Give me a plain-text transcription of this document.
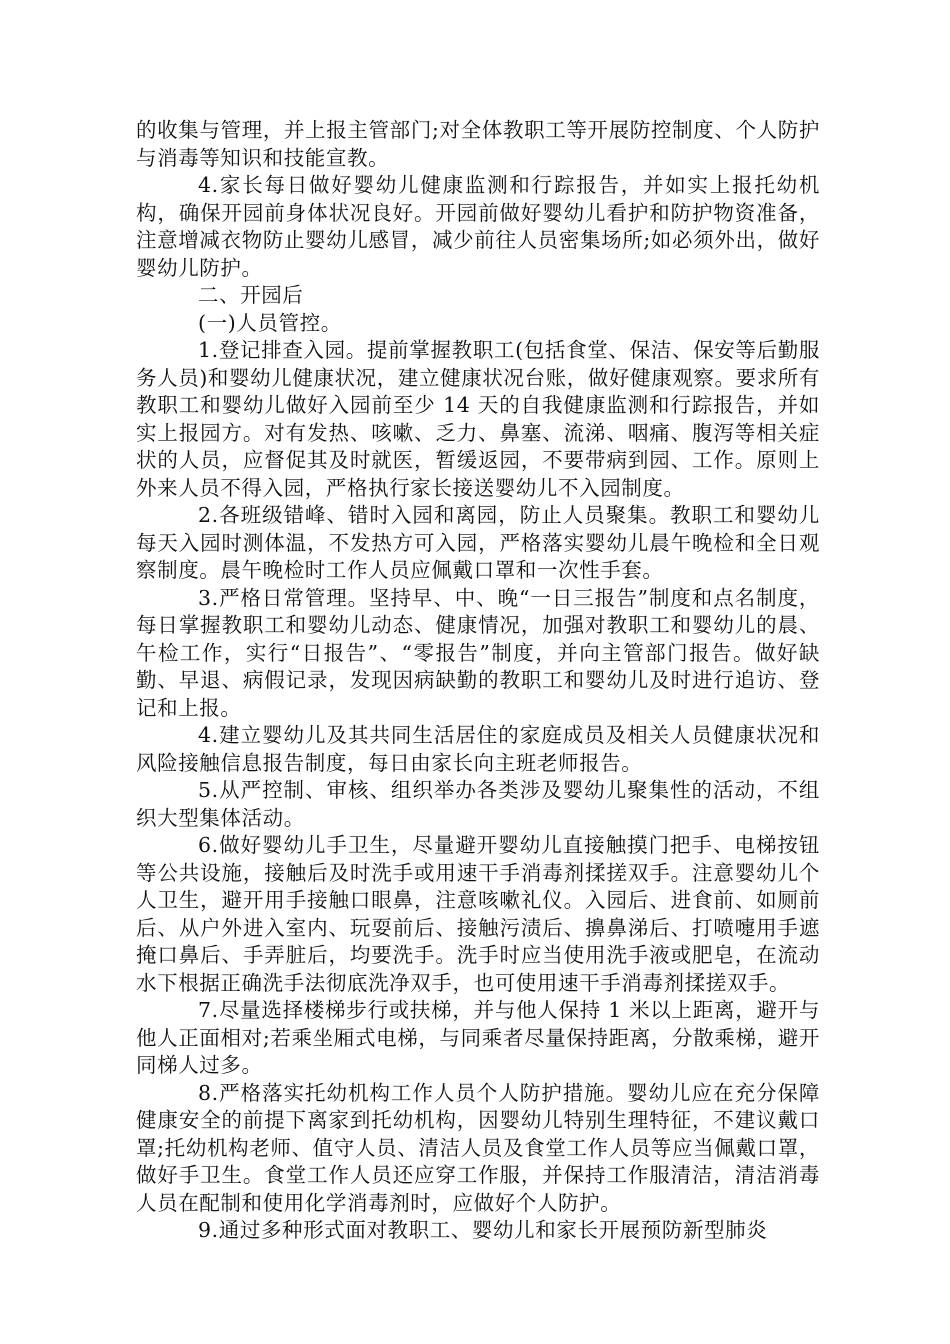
的收集与管理，并上报主管部门;对全体教职工等开展防控制度、个人防护与消毒等知识和技能宣教。

4.家长每日做好婴幼儿健康监测和行踪报告，并如实上报托幼机构，确保开园前身体状况良好。开园前做好婴幼儿看护和防护物资准备，注意增减衣物防止婴幼儿感冒，减少前往人员密集场所;如必须外出，做好婴幼儿防护。

二、开园后

(一)人员管控。

1.登记排查入园。提前掌握教职工(包括食堂、保洁、保安等后勤服务人员)和婴幼儿健康状况，建立健康状况台账，做好健康观察。要求所有教职工和婴幼儿做好入园前至少 14 天的自我健康监测和行踪报告，并如实上报园方。对有发热、咳嗽、乏力、鼻塞、流涕、咽痛、腹泻等相关症状的人员，应督促其及时就医，暂缓返园，不要带病到园、工作。原则上外来人员不得入园，严格执行家长接送婴幼儿不入园制度。

2.各班级错峰、错时入园和离园，防止人员聚集。教职工和婴幼儿每天入园时测体温，不发热方可入园，严格落实婴幼儿晨午晚检和全日观察制度。晨午晚检时工作人员应佩戴口罩和一次性手套。

3.严格日常管理。坚持早、中、晚“一日三报告”制度和点名制度，每日掌握教职工和婴幼儿动态、健康情况，加强对教职工和婴幼儿的晨、午检工作，实行“日报告”、“零报告”制度，并向主管部门报告。做好缺勤、早退、病假记录，发现因病缺勤的教职工和婴幼儿及时进行追访、登记和上报。

4.建立婴幼儿及其共同生活居住的家庭成员及相关人员健康状况和风险接触信息报告制度，每日由家长向主班老师报告。

5.从严控制、审核、组织举办各类涉及婴幼儿聚集性的活动，不组织大型集体活动。

6.做好婴幼儿手卫生，尽量避开婴幼儿直接触摸门把手、电梯按钮等公共设施，接触后及时洗手或用速干手消毒剂揉搓双手。注意婴幼儿个人卫生，避开用手接触口眼鼻，注意咳嗽礼仪。入园后、进食前、如厕前后、从户外进入室内、玩耍前后、接触污渍后、擤鼻涕后、打喷嚏用手遮掩口鼻后、手弄脏后，均要洗手。洗手时应当使用洗手液或肥皂，在流动水下根据正确洗手法彻底洗净双手，也可使用速干手消毒剂揉搓双手。

7.尽量选择楼梯步行或扶梯，并与他人保持 1 米以上距离，避开与他人正面相对;若乘坐厢式电梯，与同乘者尽量保持距离，分散乘梯，避开同梯人过多。

8.严格落实托幼机构工作人员个人防护措施。婴幼儿应在充分保障健康安全的前提下离家到托幼机构，因婴幼儿特别生理特征，不建议戴口罩;托幼机构老师、值守人员、清洁人员及食堂工作人员等应当佩戴口罩，做好手卫生。食堂工作人员还应穿工作服，并保持工作服清洁，清洁消毒人员在配制和使用化学消毒剂时，应做好个人防护。

9.通过多种形式面对教职工、婴幼儿和家长开展预防新型肺炎
